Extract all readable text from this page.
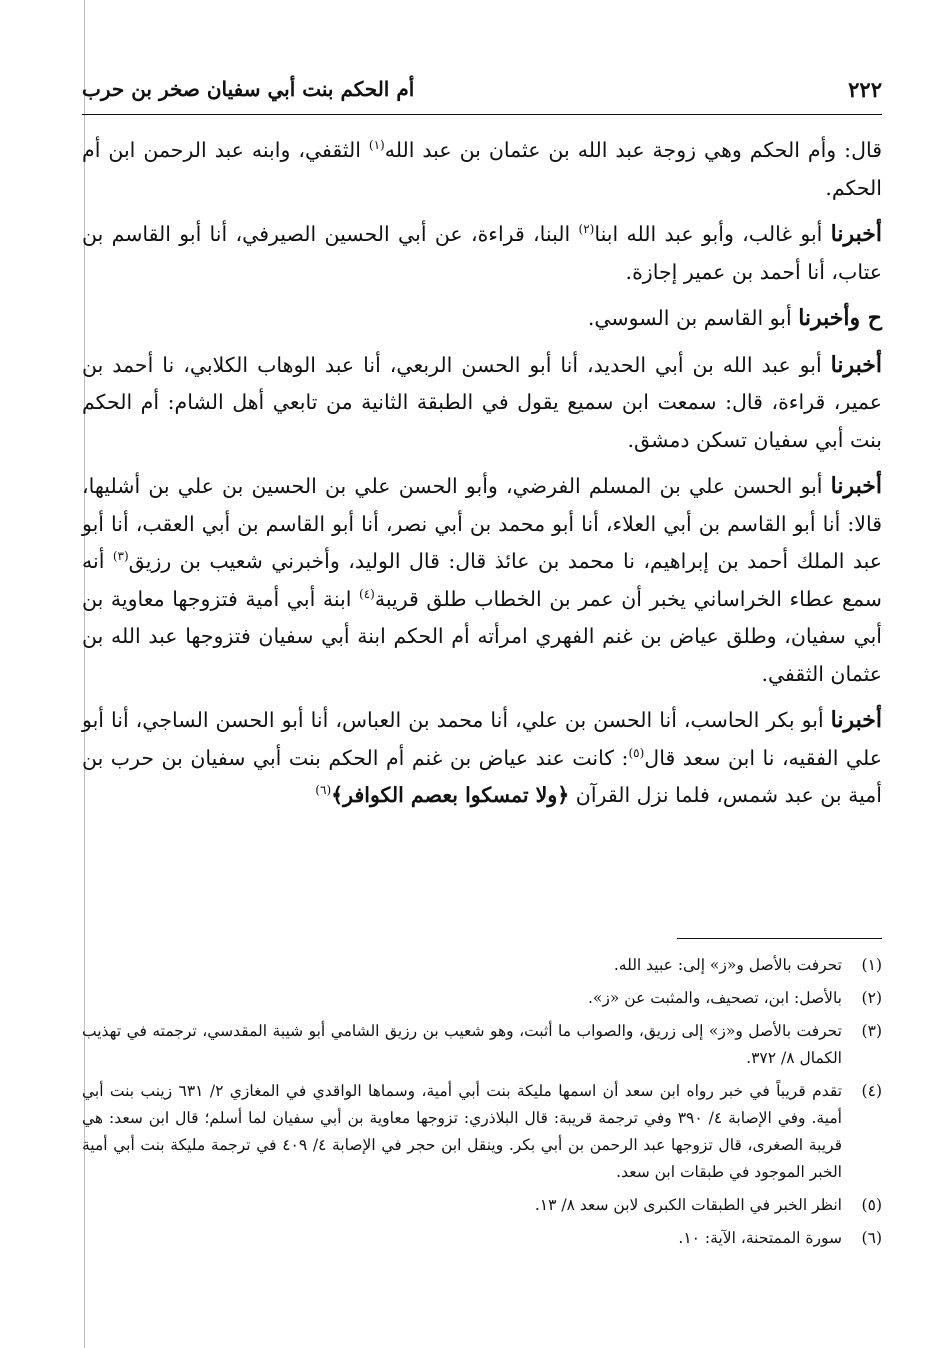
٢٢٢
أم الحكم بنت أبي سفيان صخر بن حرب

قال: وأم الحكم وهي زوجة عبد الله بن عثمان بن عبد الله$^{(١)}$ الثقفي، وابنه عبد الرحمن ابن أم الحكم.

أخبرنا أبو غالب، وأبو عبد الله ابنا$^{(٢)}$ البنا، قراءة، عن أبي الحسين الصيرفي، أنا أبو القاسم بن عتاب، أنا أحمد بن عمير إجازة.

ح وأخبرنا أبو القاسم بن السوسي.

أخبرنا أبو عبد الله بن أبي الحديد، أنا أبو الحسن الربعي، أنا عبد الوهاب الكلابي، نا أحمد بن عمير، قراءة، قال: سمعت ابن سميع يقول في الطبقة الثانية من تابعي أهل الشام: أم الحكم بنت أبي سفيان تسكن دمشق.

أخبرنا أبو الحسن علي بن المسلم الفرضي، وأبو الحسن علي بن الحسين بن علي بن أشليها، قالا: أنا أبو القاسم بن أبي العلاء، أنا أبو محمد بن أبي نصر، أنا أبو القاسم بن أبي العقب، أنا أبو عبد الملك أحمد بن إبراهيم، نا محمد بن عائذ قال: قال الوليد، وأخبرني شعيب بن رزيق$^{(٣)}$ أنه سمع عطاء الخراساني يخبر أن عمر بن الخطاب طلق قريبة$^{(٤)}$ ابنة أبي أمية فتزوجها معاوية بن أبي سفيان، وطلق عياض بن غنم الفهري امرأته أم الحكم ابنة أبي سفيان فتزوجها عبد الله بن عثمان الثقفي.

أخبرنا أبو بكر الحاسب، أنا الحسن بن علي، أنا محمد بن العباس، أنا أبو الحسن الساجي، أنا أبو علي الفقيه، نا ابن سعد قال$^{(٥)}$: كانت عند عياض بن غنم أم الحكم بنت أبي سفيان بن حرب بن أمية بن عبد شمس، فلما نزل القرآن ﴿ولا تمسكوا بعصم الكوافر﴾$^{(٦)}$

(١)
تحرفت بالأصل و«ز» إلى: عبيد الله.
(٢)
بالأصل: ابن، تصحيف، والمثبت عن «ز».
(٣)
تحرفت بالأصل و«ز» إلى زريق، والصواب ما أثبت، وهو شعيب بن رزيق الشامي أبو شيبة المقدسي، ترجمته في تهذيب الكمال ٨/ ٣٧٢.
(٤)
تقدم قريباً في خبر رواه ابن سعد أن اسمها مليكة بنت أبي أمية، وسماها الواقدي في المغازي ٢/ ٦٣١ زينب بنت أبي أمية. وفي الإصابة ٤/ ٣٩٠ وفي ترجمة قريبة: قال البلاذري: تزوجها معاوية بن أبي سفيان لما أسلم؛ قال ابن سعد: هي قريبة الصغرى، قال تزوجها عبد الرحمن بن أبي بكر. وينقل ابن حجر في الإصابة ٤/ ٤٠٩ في ترجمة مليكة بنت أبي أمية الخبر الموجود في طبقات ابن سعد.
(٥)
انظر الخبر في الطبقات الكبرى لابن سعد ٨/ ١٣.
(٦)
سورة الممتحنة، الآية: ١٠.
